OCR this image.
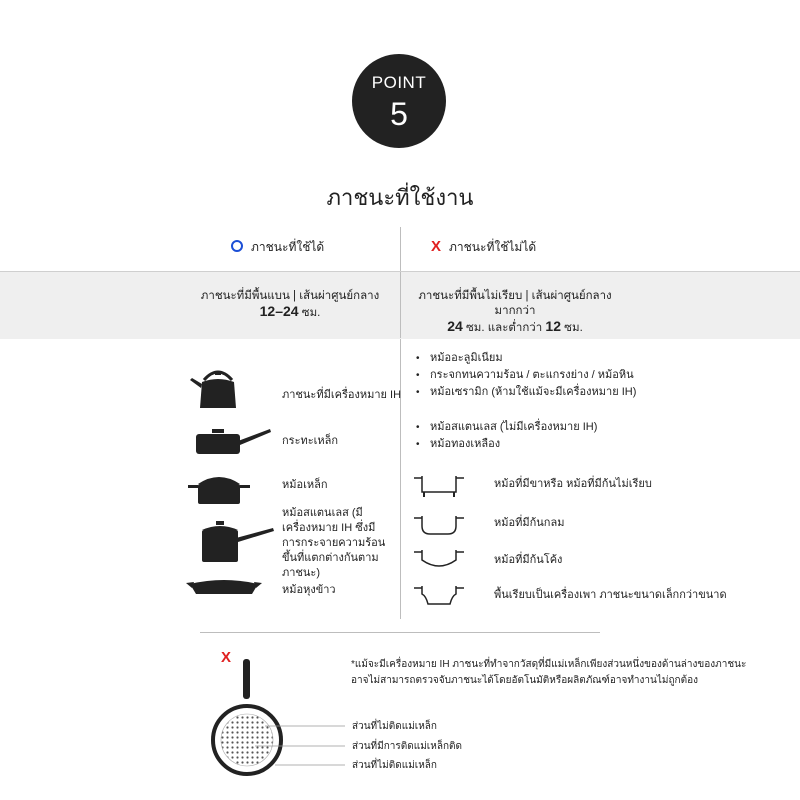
POINT
5
ภาชนะที่ใช้งาน
ภาชนะที่ใช้ได้	X ภาชนะที่ใช้ไม่ได้
ภาชนะที่มีพื้นแบน | เส้นผ่าศูนย์กลาง
12–24 ซม.
ภาชนะที่มีพื้นไม่เรียบ | เส้นผ่าศูนย์กลางมากกว่า
24 ซม. และต่ำกว่า 12 ซม.
ภาชนะที่มีเครื่องหมาย IH
กระทะเหล็ก
หม้อเหล็ก
หม้อสแตนเลส (มีเครื่องหมาย IH ซึ่งมีการกระจายความร้อนขึ้นที่แตกต่างกันตามภาชนะ)
หม้อหุงข้าว
• หม้ออะลูมิเนียม
• กระจกทนความร้อน / ตะแกรงย่าง / หม้อหิน
• หม้อเซรามิก (ห้ามใช้แม้จะมีเครื่องหมาย IH)
• หม้อสแตนเลส (ไม่มีเครื่องหมาย IH)
• หม้อทองเหลือง
หม้อที่มีขาหรือ หม้อที่มีก้นไม่เรียบ
หม้อที่มีก้นกลม
หม้อที่มีก้นโค้ง
พื้นเรียบเป็นเครื่องเพา ภาชนะขนาดเล็กกว่าขนาด
X	*แม้จะมีเครื่องหมาย IH ภาชนะที่ทำจากวัสดุที่มีแม่เหล็กเพียงส่วนหนึ่งของด้านล่างของภาชนะ
อาจไม่สามารถตรวจจับภาชนะได้โดยอัตโนมัติหรือผลิตภัณฑ์อาจทำงานไม่ถูกต้อง
ส่วนที่ไม่ติดแม่เหล็ก
ส่วนที่มีการติดแม่เหล็กติด
ส่วนที่ไม่ติดแม่เหล็ก
